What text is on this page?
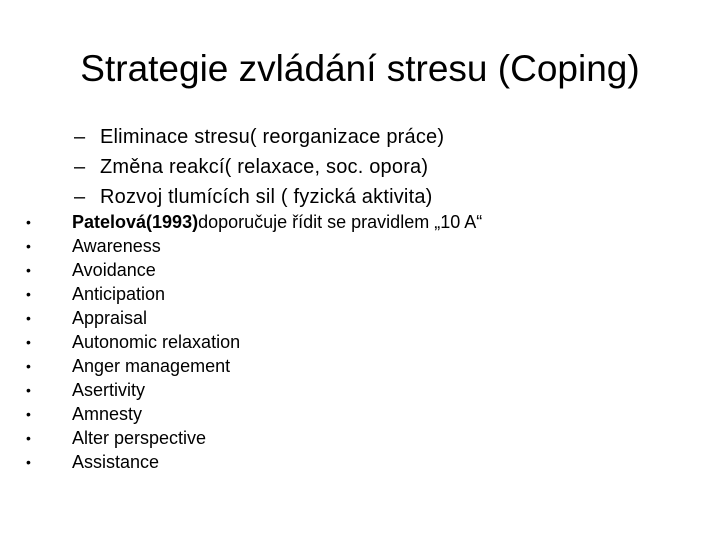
Strategie zvládání stresu (Coping)
– Eliminace stresu( reorganizace práce)
– Změna reakcí( relaxace, soc. opora)
– Rozvoj tlumících sil ( fyzická aktivita)
•	Patelová(1993)doporučuje řídit se pravidlem „10 A“
•	Awareness
•	Avoidance
•	Anticipation
•	Appraisal
•	Autonomic relaxation
•	Anger management
•	Asertivity
•	Amnesty
•	Alter perspective
•	Assistance
